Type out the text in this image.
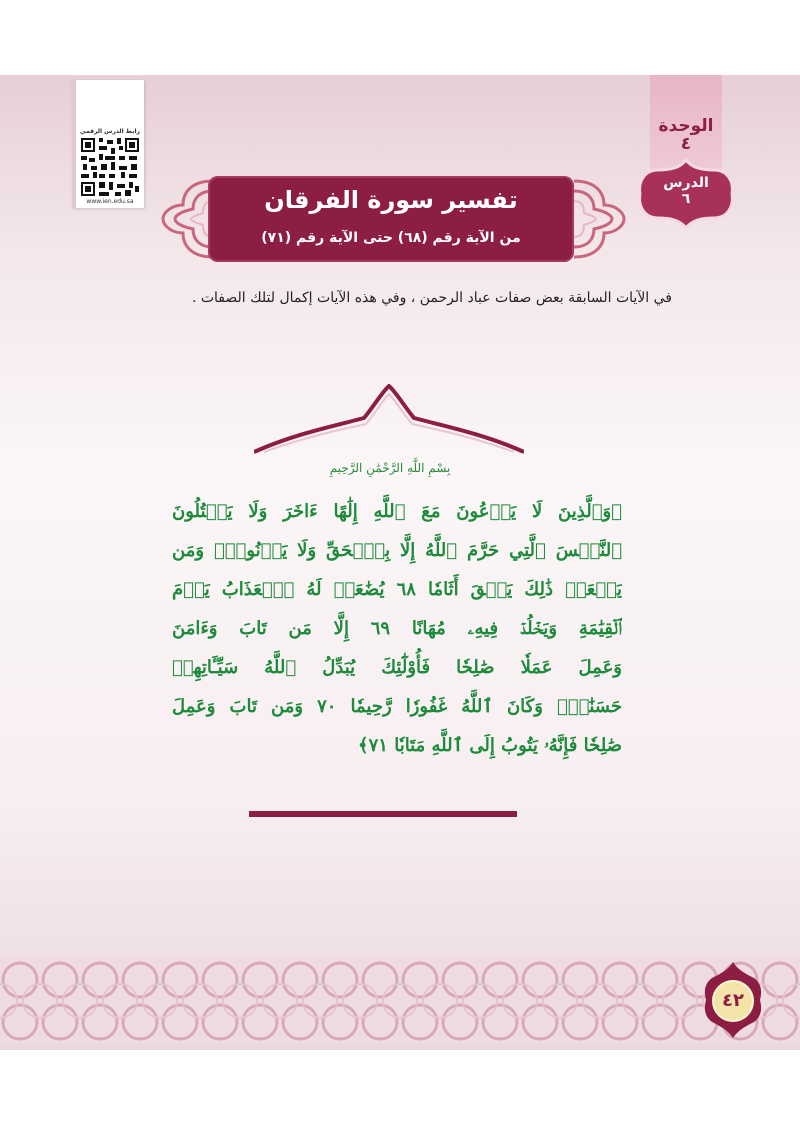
رابط الدرس الرقمي
www.ien.edu.sa
الوحدة
٤
الدرس
٦
تفسير سورة الفرقان
من الآية رقم (٦٨) حتى الآية رقم (٧١)
في الآيات السابقة بعض صفات عباد الرحمن ، وفي هذه الآيات إكمال لتلك الصفات .
بِسْمِ اللَّهِ الرَّحْمَٰنِ الرَّحِيمِ
﴿وَٱلَّذِينَ لَا يَدۡعُونَ مَعَ ٱللَّهِ إِلَٰهًا ءَاخَرَ وَلَا يَقۡتُلُونَ
ٱلنَّفۡسَ ٱلَّتِي حَرَّمَ ٱللَّهُ إِلَّا بِٱلۡحَقِّ وَلَا يَزۡنُونَۚ وَمَن
يَفۡعَلۡ ذَٰلِكَ يَلۡقَ أَثَامٗا ٦٨ يُضَٰعَفۡ لَهُ ٱلۡعَذَابُ يَوۡمَ
ٱلۡقِيَٰمَةِ وَيَخۡلُدۡ فِيهِۦ مُهَانًا ٦٩ إِلَّا مَن تَابَ وَءَامَنَ
وَعَمِلَ عَمَلٗا صَٰلِحٗا فَأُوْلَٰٓئِكَ يُبَدِّلُ ٱللَّهُ سَيِّـَٔاتِهِمۡ
حَسَنَٰتٖۗ وَكَانَ ٱللَّهُ غَفُورٗا رَّحِيمٗا ٧٠ وَمَن تَابَ وَعَمِلَ
صَٰلِحٗا فَإِنَّهُۥ يَتُوبُ إِلَى ٱللَّهِ مَتَابٗا ٧١﴾
٤٢
